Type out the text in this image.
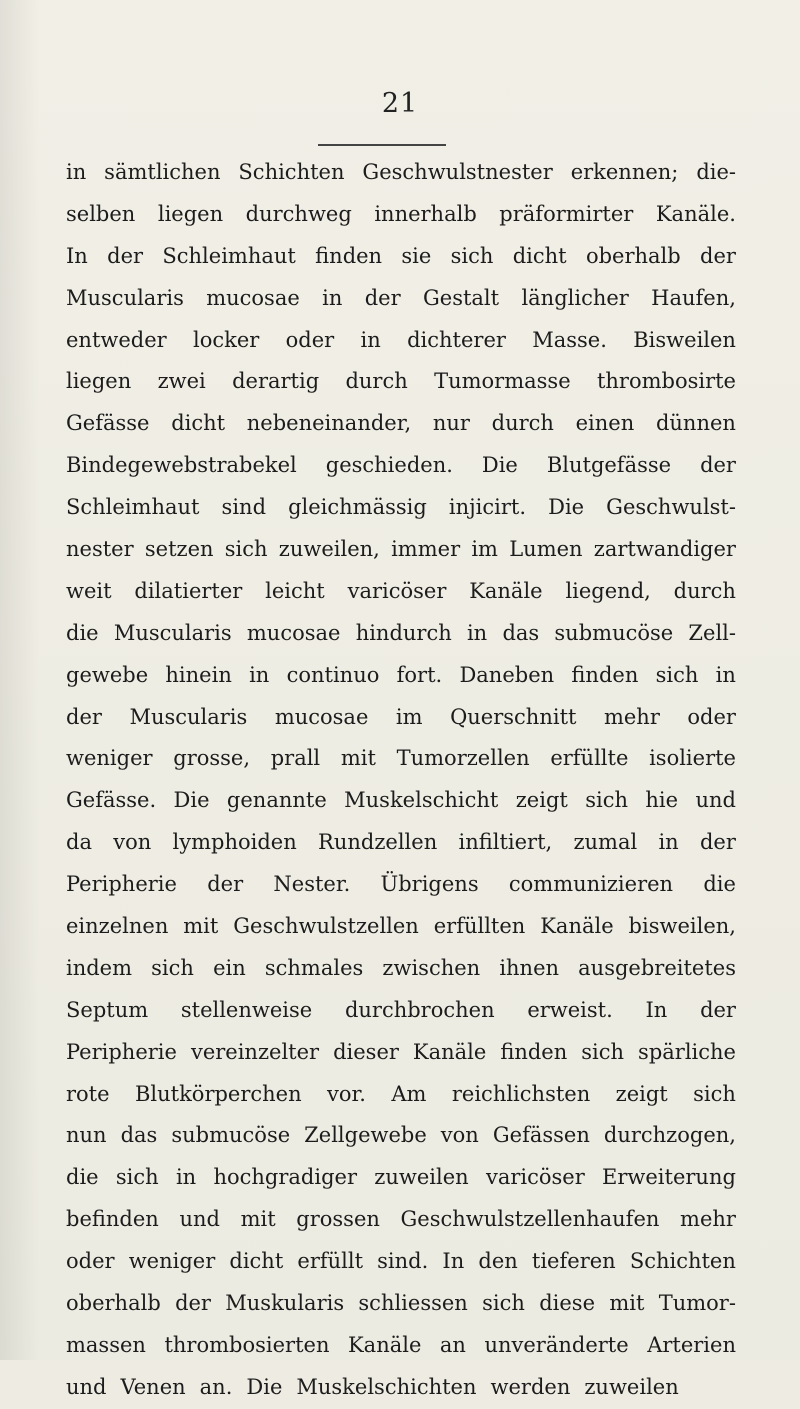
21
in sämtlichen Schichten Geschwulstnester erkennen; die-
selben liegen durchweg innerhalb präformirter Kanäle.
In der Schleimhaut finden sie sich dicht oberhalb der
Muscularis mucosae in der Gestalt länglicher Haufen,
entweder locker oder in dichterer Masse. Bisweilen
liegen zwei derartig durch Tumormasse thrombosirte
Gefässe dicht nebeneinander, nur durch einen dünnen
Bindegewebstrabekel geschieden. Die Blutgefässe der
Schleimhaut sind gleichmässig injicirt. Die Geschwulst-
nester setzen sich zuweilen, immer im Lumen zartwandiger
weit dilatierter leicht varicöser Kanäle liegend, durch
die Muscularis mucosae hindurch in das submucöse Zell-
gewebe hinein in continuo fort. Daneben finden sich in
der Muscularis mucosae im Querschnitt mehr oder
weniger grosse, prall mit Tumorzellen erfüllte isolierte
Gefässe. Die genannte Muskelschicht zeigt sich hie und
da von lymphoiden Rundzellen infiltiert, zumal in der
Peripherie der Nester. Übrigens communizieren die
einzelnen mit Geschwulstzellen erfüllten Kanäle bisweilen,
indem sich ein schmales zwischen ihnen ausgebreitetes
Septum stellenweise durchbrochen erweist. In der
Peripherie vereinzelter dieser Kanäle finden sich spärliche
rote Blutkörperchen vor. Am reichlichsten zeigt sich
nun das submucöse Zellgewebe von Gefässen durchzogen,
die sich in hochgradiger zuweilen varicöser Erweiterung
befinden und mit grossen Geschwulstzellenhaufen mehr
oder weniger dicht erfüllt sind. In den tieferen Schichten
oberhalb der Muskularis schliessen sich diese mit Tumor-
massen thrombosierten Kanäle an unveränderte Arterien
und Venen an. Die Muskelschichten werden zuweilen
